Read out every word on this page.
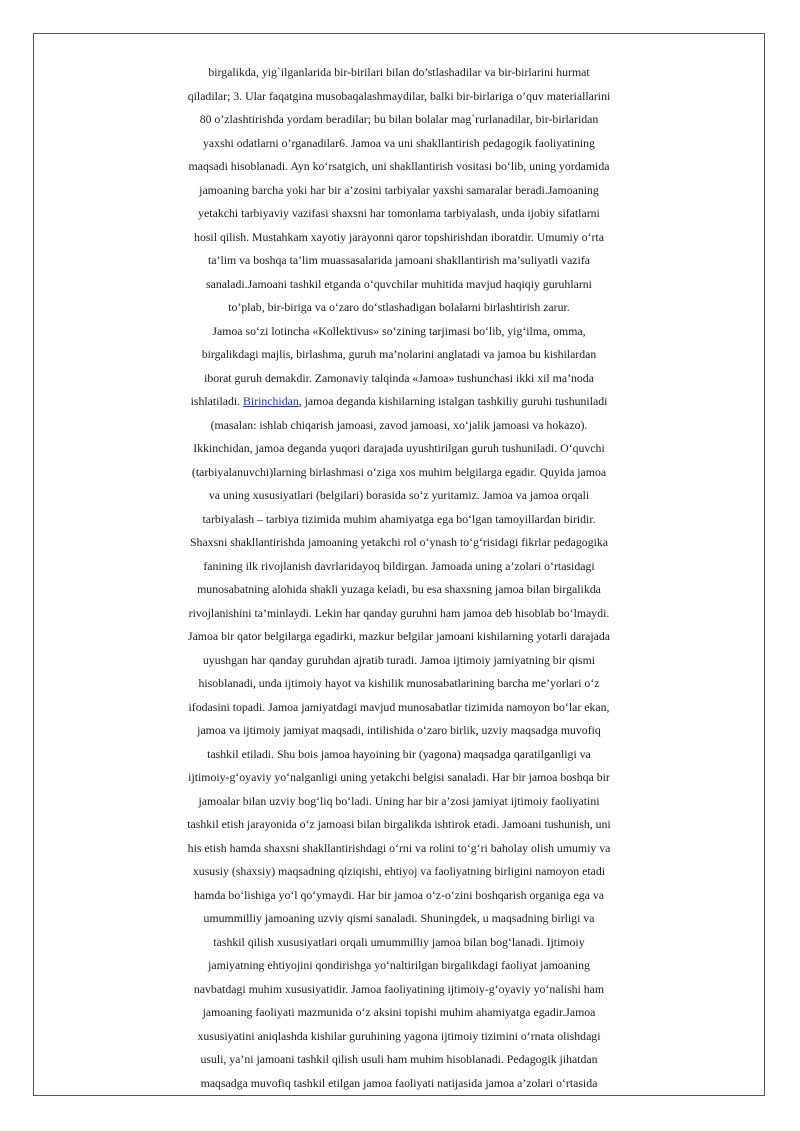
birgalikda, yig`ilganlarida bir-birilari bilan do’stlashadilar va bir-birlarini hurmat
qiladilar; 3. Ular faqatgina musobaqalashmaydilar, balki bir-birlariga o’quv materiallarini
80 o’zlashtirishda yordam beradilar; bu bilan bolalar mag`rurlanadilar, bir-birlaridan
yaxshi odatlarni o’rganadilar6. Jamoa va uni shakllantirish pedagogik faoliyatining
maqsadi hisoblanadi. Ayn ko‘rsatgich, uni shakllantirish vositasi bo‘lib, uning yordamida
jamoaning barcha yoki har bir a’zosini tarbiyalar yaxshi samaralar beradi.Jamoaning
yetakchi tarbiyaviy vazifasi shaxsni har tomonlama tarbiyalash, unda ijobiy sifatlarni
hosil qilish. Mustahkam xayotiy jarayonni qaror topshirishdan iboratdir. Umumiy o‘rta
ta’lim va boshqa ta’lim muassasalarida jamoani shakllantirish ma’suliyatli vazifa
sanaladi.Jamoani tashkil etganda o‘quvchilar muhitida mavjud haqiqiy guruhlarni
to’plab, bir-biriga va o‘zaro do‘stlashadigan bolalarni birlashtirish zarur.
Jamoa so‘zi lotincha «Kollektivus» so‘zining tarjimasi bo‘lib, yig‘ilma, omma,
birgalikdagi majlis, birlashma, guruh ma’nolarini anglatadi va jamoa bu kishilardan
iborat guruh demakdir. Zamonaviy talqinda «Jamoa» tushunchasi ikki xil ma’noda
ishlatiladi. Birinchidan, jamoa deganda kishilarning istalgan tashkiliy guruhi tushuniladi
(masalan: ishlab chiqarish jamoasi, zavod jamoasi, xo‘jalik jamoasi va hokazo).
Ikkinchidan, jamoa deganda yuqori darajada uyushtirilgan guruh tushuniladi. O‘quvchi
(tarbiyalanuvchi)larning birlashmasi o‘ziga xos muhim belgilarga egadir. Quyida jamoa
va uning xususiyatlari (belgilari) borasida so‘z yuritamiz. Jamoa va jamoa orqali
tarbiyalash – tarbiya tizimida muhim ahamiyatga ega bo‘lgan tamoyillardan biridir.
Shaxsni shakllantirishda jamoaning yetakchi rol o‘ynash to‘g‘risidagi fikrlar pedagogika
fanining ilk rivojlanish davrlaridayoq bildirgan. Jamoada uning a’zolari o‘rtasidagi
munosabatning alohida shakli yuzaga keladi, bu esa shaxsning jamoa bilan birgalikda
rivojlanishini ta’minlaydi. Lekin har qanday guruhni ham jamoa deb hisoblab bo‘lmaydi.
Jamoa bir qator belgilarga egadirki, mazkur belgilar jamoani kishilarning yotarli darajada
uyushgan har qanday guruhdan ajratib turadi. Jamoa ijtimoiy jamiyatning bir qismi
hisoblanadi, unda ijtimoiy hayot va kishilik munosabatlarining barcha me’yorlari o‘z
ifodasini topadi. Jamoa jamiyatdagi mavjud munosabatlar tizimida namoyon bo‘lar ekan,
jamoa va ijtimoiy jamiyat maqsadi, intilishida o‘zaro birlik, uzviy maqsadga muvofiq
tashkil etiladi. Shu bois jamoa hayoining bir (yagona) maqsadga qaratilganligi va
ijtimoiy-g‘oyaviy yo‘nalganligi uning yetakchi belgisi sanaladi. Har bir jamoa boshqa bir
jamoalar bilan uzviy bog‘liq bo‘ladi. Uning har bir a’zosi jamiyat ijtimoiy faoliyatini
tashkil etish jarayonida o‘z jamoasi bilan birgalikda ishtirok etadi. Jamoani tushunish, uni
his etish hamda shaxsni shakllantirishdagi o‘rni va rolini to‘g‘ri baholay olish umumiy va
xususiy (shaxsiy) maqsadning qiziqishi, ehtiyoj va faoliyatning birligini namoyon etadi
hamda bo‘lishiga yo‘l qo‘ymaydi. Har bir jamoa o‘z-o‘zini boshqarish organiga ega va
umummilliy jamoaning uzviy qismi sanaladi. Shuningdek, u maqsadning birligi va
tashkil qilish xususiyatlari orqali umummilliy jamoa bilan bog‘lanadi. Ijtimoiy
jamiyatning ehtiyojini qondirishga yo‘naltirilgan birgalikdagi faoliyat jamoaning
navbatdagi muhim xususiyatidir. Jamoa faoliyatining ijtimoiy-g‘oyaviy yo‘nalishi ham
jamoaning faoliyati mazmunida o‘z aksini topishi muhim ahamiyatga egadir.Jamoa
xususiyatini aniqlashda kishilar guruhining yagona ijtimoiy tizimini o‘rnata olishdagi
usuli, ya’ni jamoani tashkil qilish usuli ham muhim hisoblanadi. Pedagogik jihatdan
maqsadga muvofiq tashkil etilgan jamoa faoliyati natijasida jamoa a’zolari o‘rtasida
